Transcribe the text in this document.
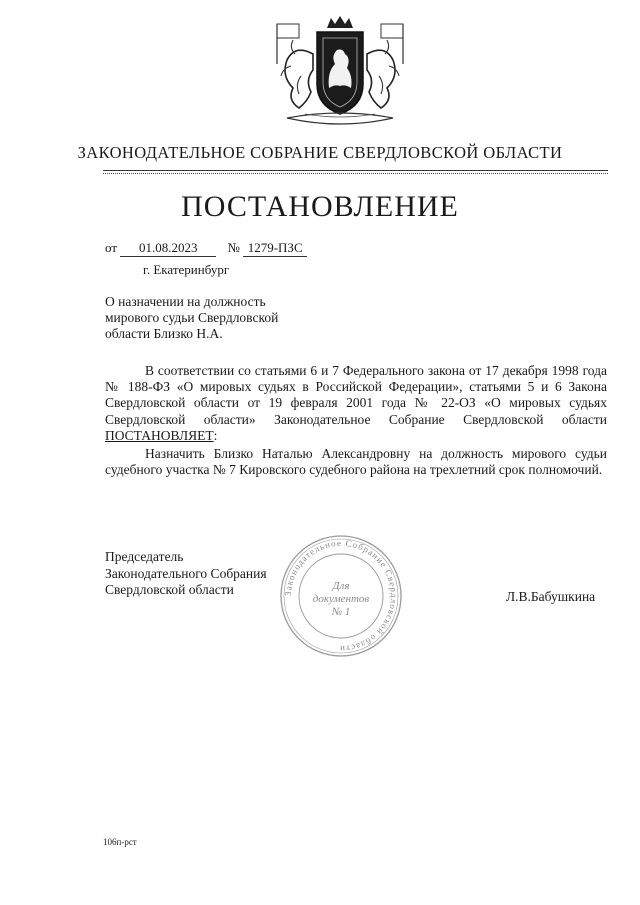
ЗАКОНОДАТЕЛЬНОЕ СОБРАНИЕ СВЕРДЛОВСКОЙ ОБЛАСТИ
ПОСТАНОВЛЕНИЕ
от 01.08.2023 № 1279-ПЗС
г. Екатеринбург
О назначении на должность
мирового судьи Свердловской
области Близко Н.А.
В соответствии со статьями 6 и 7 Федерального закона от 17 декабря 1998 года № 188-ФЗ «О мировых судьях в Российской Федерации», статьями 5 и 6 Закона Свердловской области от 19 февраля 2001 года № 22-ОЗ «О мировых судьях Свердловской области» Законодательное Собрание Свердловской области ПОСТАНОВЛЯЕТ:
Назначить Близко Наталью Александровну на должность мирового судьи судебного участка № 7 Кировского судебного района на трехлетний срок полномочий.
Председатель
Законодательного Собрания
Свердловской области	Законодательное Собрание Свердловской области
Для
документов
№ 1
Л.В.Бабушкина
106п-рст
